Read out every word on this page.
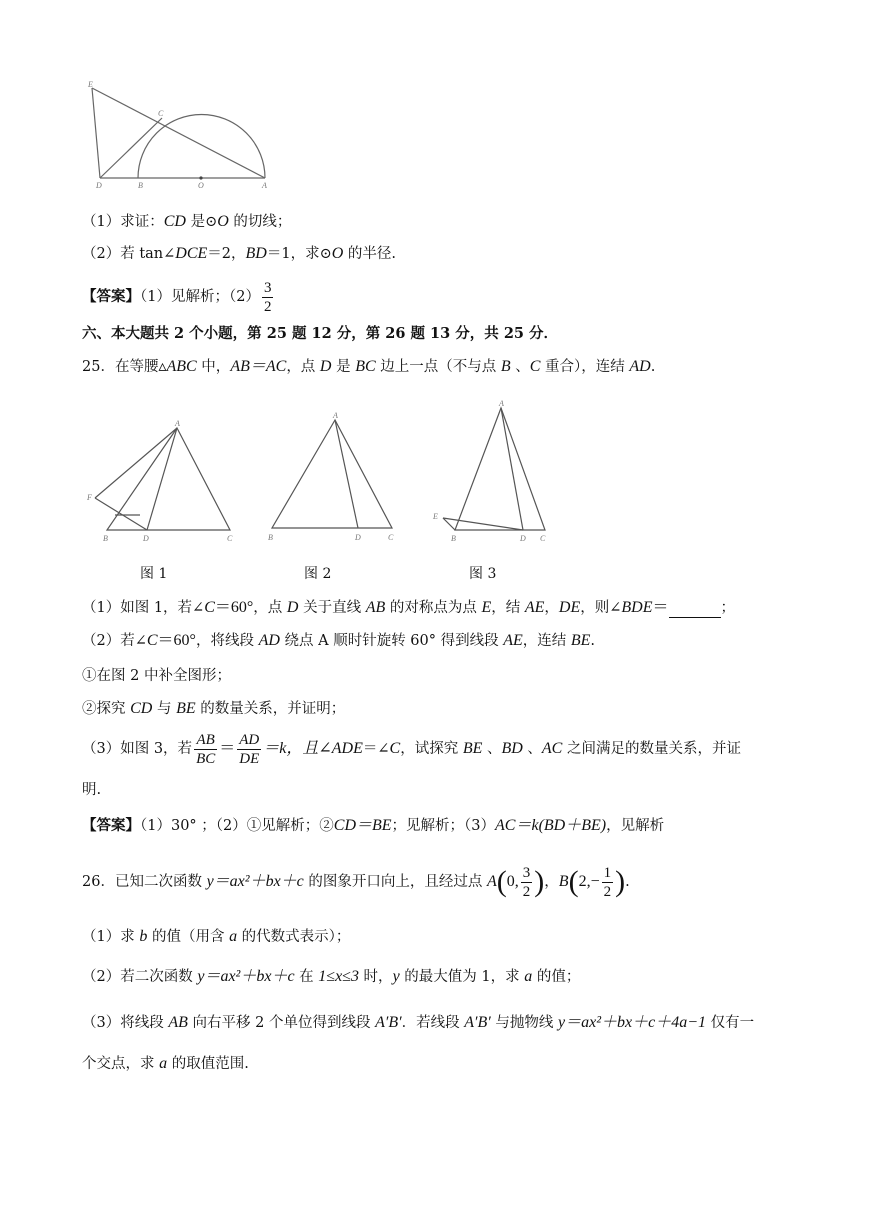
E
C
D	B	O	A
（1）求证：CD 是⊙O 的切线；
（2）若 tan∠DCE＝2，BD＝1，求⊙O 的半径.
【答案】（1）见解析；$(2) \frac{3}{2}$
六、本大题共 2 个小题，第 25 题 12 分，第 26 题 13 分，共 25 分．
25．在等腰▵ABC 中，AB＝AC，点 D 是 BC 边上一点（不与点 B 、C 重合），连结 AD.
A
F
B	D	C
A
B	D	C
A
E
B	D C
图 1	图 2	图 3
（1）如图 1，若∠C＝60°，点 D 关于直线 AB 的对称点为点 E，结 AE，DE，则∠BDE＝	；
（2）若∠C＝60°，将线段 AD 绕点 A 顺时针旋转 60° 得到线段 AE，连结 BE.
①在图 2 中补全图形；
②探究 CD 与 BE 的数量关系，并证明；
（3）如图 3，若 $\frac{AB}{BC} = \frac{AD}{DE} =k$，且∠ADE＝∠C，试探究 BE 、BD 、AC 之间满足的数量关系，并证
明.
【答案】（1）30° ；（2）①见解析；②CD＝BE；见解析；（3）AC＝k(BD＋BE)，见解析
26．已知二次函数 y＝ax²＋bx＋c 的图象开口向上，且经过点 A(0, $\frac{3}{2}$ )，$B(2,- \frac{1}{2}$ ).
（1）求 b 的值（用含 a 的代数式表示）；
（2）若二次函数 y＝ax²＋bx＋c 在 1≤x≤3 时，y 的最大值为 1，求 a 的值；
（3）将线段 AB 向右平移 2 个单位得到线段 A′B′．若线段 A′B′ 与抛物线 y＝ax²＋bx＋c＋4a−1 仅有一
个交点，求 a 的取值范围.
